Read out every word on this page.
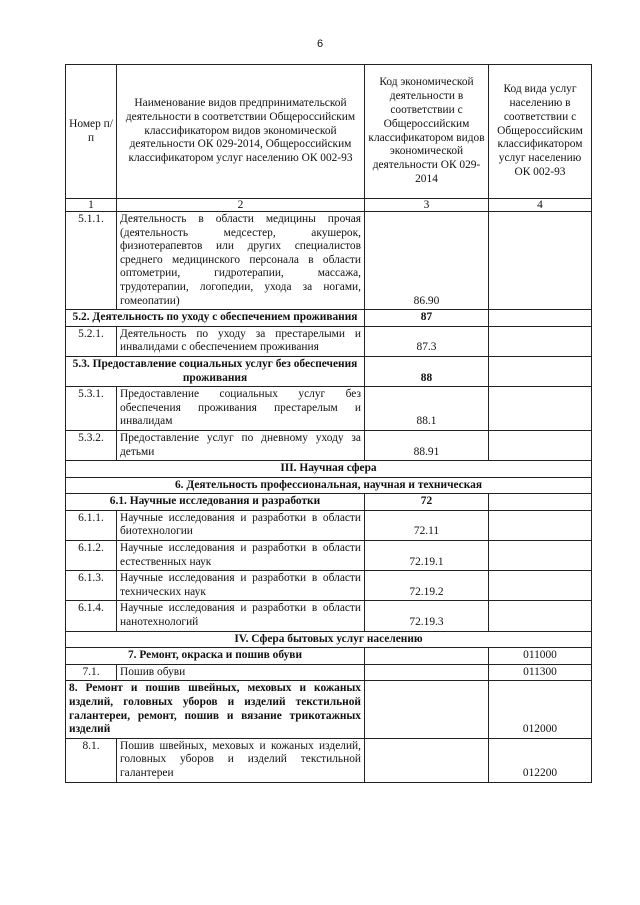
6
Номер п/п	Наименование видов предпринимательской деятельности в соответствии Общероссийским классификатором видов экономической деятельности ОК 029-2014, Общероссийским классификатором услуг населению ОК 002-93	Код экономической деятельности в соответствии с Общероссийским классификатором видов экономической деятельности ОК 029-2014	Код вида услуг населению в соответствии с Общероссийским классификатором услуг населению ОК 002-93
1	2	3	4
5.1.1.	Деятельность в области медицины прочая (деятельность медсестер, акушерок, физиотерапевтов или других специалистов среднего медицинского персонала в области оптометрии, гидротерапии, массажа, трудотерапии, логопедии, ухода за ногами, гомеопатии)	86.90	
5.2. Деятельность по уходу с обеспечением проживания		87	
5.2.1.	Деятельность по уходу за престарелыми и инвалидами с обеспечением проживания	87.3	
5.3. Предоставление социальных услуг без обеспечения проживания		88	
5.3.1.	Предоставление социальных услуг без обеспечения проживания престарелым и инвалидам	88.1	
5.3.2.	Предоставление услуг по дневному уходу за детьми	88.91	
III. Научная сфера			
6. Деятельность профессиональная, научная и техническая			
6.1. Научные исследования и разработки		72	
6.1.1.	Научные исследования и разработки в области биотехнологии	72.11	
6.1.2.	Научные исследования и разработки в области естественных наук	72.19.1	
6.1.3.	Научные исследования и разработки в области технических наук	72.19.2	
6.1.4.	Научные исследования и разработки в области нанотехнологий	72.19.3	
IV. Сфера бытовых услуг населению			
7. Ремонт, окраска и пошив обуви			011000
7.1.	Пошив обуви		011300
8. Ремонт и пошив швейных, меховых и кожаных изделий, головных уборов и изделий текстильной галантереи, ремонт, пошив и вязание трикотажных изделий			012000
8.1.	Пошив швейных, меховых и кожаных изделий, головных уборов и изделий текстильной галантереи		012200
